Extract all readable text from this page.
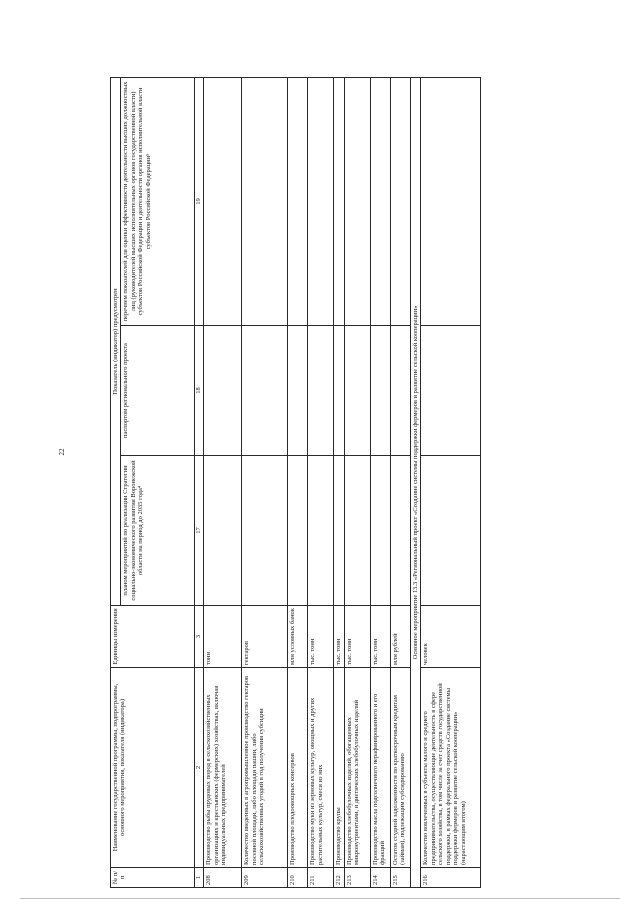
22
№ п/п	Наименование государственной программы, подпрограммы, основного мероприятия, показателя (индикатора)	Единицы измерения	Показатель (индикатор) предусмотрен		
			планом мероприятий по реализации Стратегии социально-экономического развития Воронежской области на период до 2035 года⁴	паспортом регионального проекта	перечнем показателей для оценки эффективности деятельности высших должностных лиц (руководителей высших исполнительных органов государственной власти) субъектов Российской Федерации и деятельности органов исполнительной власти субъектов Российской Федерации⁵
1	2	3	17	18	19
208	Производство рыбы прудовых пород в сельскохозяйственных организациях и крестьянских (фермерских) хозяйствах, включая индивидуальных предпринимателей	тонн			
209	Количество введенных в агропромышленное производство гектаров посевной площади, либо площади пашни, либо сельскохозяйственных угодий в год получения субсидии	гектаров			
210	Производство плодоовощных консервов	млн условных банок			
211	Производство муки из зерновых культур, овощных и других растительных культур, смеси из них	тыс. тонн			
212	Производство крупы	тыс. тонн			
213	Производство хлебобулочных изделий, обогащенных микронутриентами, и диетических хлебобулочных изделий	тыс. тонн			
214	Производство масла подсолнечного нерафинированного и его фракций	тыс. тонн			
215	Остаток ссудной задолженности по краткосрочным кредитам (займам), подлежащим субсидированию	млн рублей			
Основное мероприятие 13.3 «Региональный проект «Создание системы поддержки фермеров и развитие сельской кооперации»					
216	Количество вовлеченных в субъекты малого и среднего предпринимательства, осуществляющие деятельность в сфере сельского хозяйства, в том числе за счет средств государственной поддержки, в рамках федерального проекта «Создание системы поддержки фермеров и развитие сельской кооперации» (нарастающим итогом)	человек			
